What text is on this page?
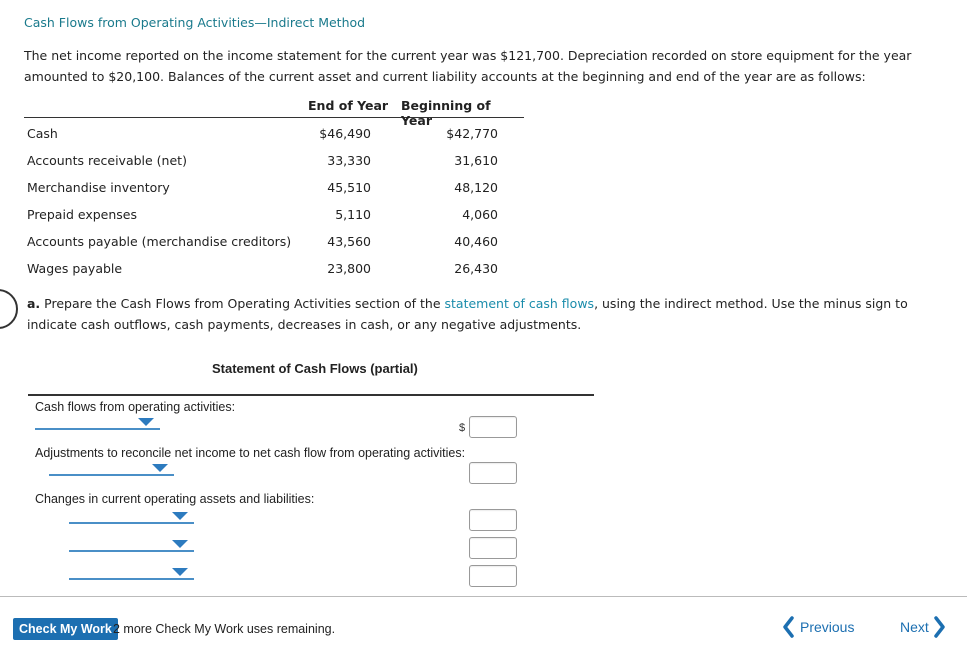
Cash Flows from Operating Activities—Indirect Method
The net income reported on the income statement for the current year was $121,700. Depreciation recorded on store equipment for the year amounted to $20,100. Balances of the current asset and current liability accounts at the beginning and end of the year are as follows:
End of Year Beginning of Year
Cash	$46,490	$42,770
Accounts receivable (net)	33,330	31,610
Merchandise inventory	45,510	48,120
Prepaid expenses	5,110	4,060
Accounts payable (merchandise creditors)	43,560	40,460
Wages payable	23,800	26,430
a. Prepare the Cash Flows from Operating Activities section of the statement of cash flows, using the indirect method. Use the minus sign to indicate cash outflows, cash payments, decreases in cash, or any negative adjustments.
Statement of Cash Flows (partial)
Cash flows from operating activities:
$
Adjustments to reconcile net income to net cash flow from operating activities:
Changes in current operating assets and liabilities:
Check My Work 2 more Check My Work uses remaining.	Previous	Next
